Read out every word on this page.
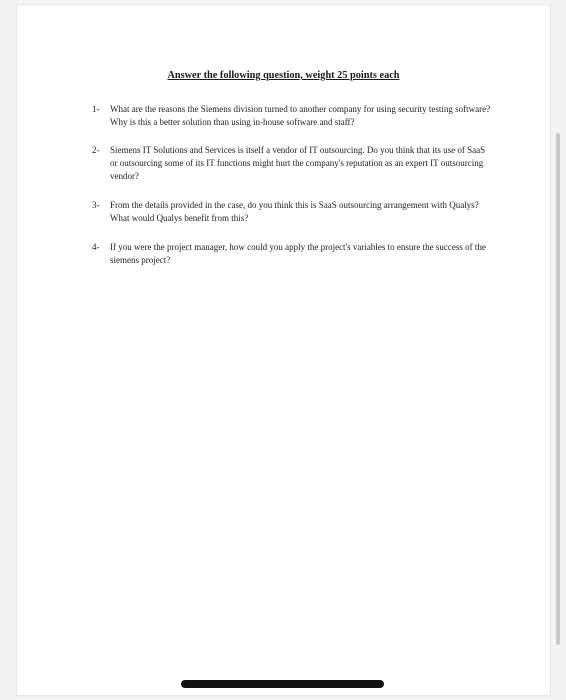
Answer the following question, weight 25 points each
1-	What are the reasons the Siemens division turned to another company for using security testing software? Why is this a better solution than using in-house software and staff?
2-	Siemens IT Solutions and Services is itself a vendor of IT outsourcing. Do you think that its use of SaaS or outsourcing some of its IT functions might hurt the company's reputation as an expert IT outsourcing vendor?
3-	From the details provided in the case, do you think this is SaaS outsourcing arrangement with Qualys? What would Qualys benefit from this?
4-	If you were the project manager, how could you apply the project's variables to ensure the success of the siemens project?
